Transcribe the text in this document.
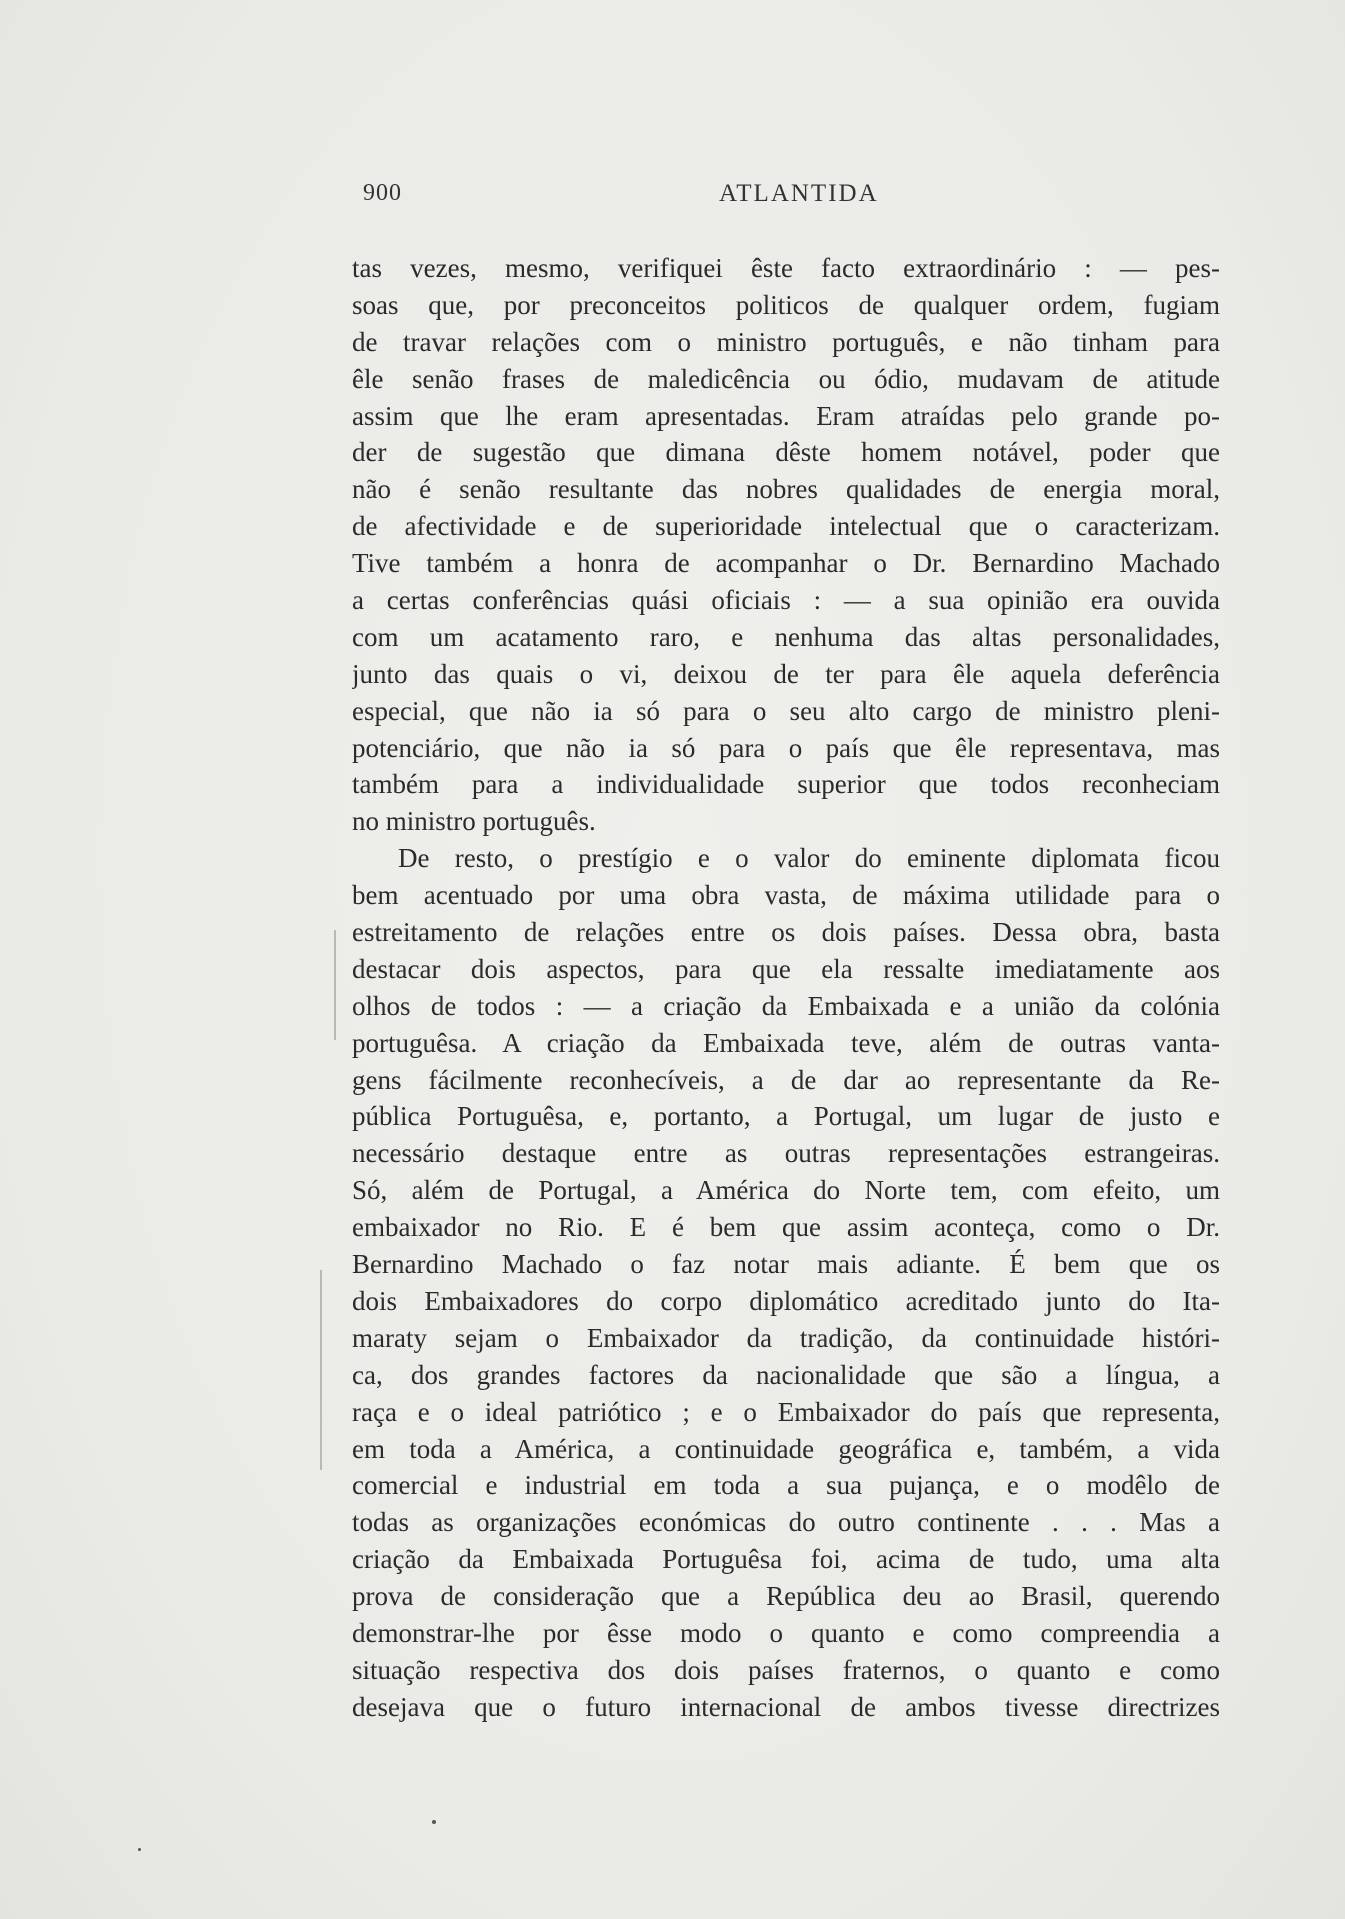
900	ATLANTIDA
tas vezes, mesmo, verifiquei êste facto extraordinário : — pes-
soas que, por preconceitos politicos de qualquer ordem, fugiam
de travar relações com o ministro português, e não tinham para
êle senão frases de maledicência ou ódio, mudavam de atitude
assim que lhe eram apresentadas. Eram atraídas pelo grande po-
der de sugestão que dimana dêste homem notável, poder que
não é senão resultante das nobres qualidades de energia moral,
de afectividade e de superioridade intelectual que o caracterizam.
Tive também a honra de acompanhar o Dr. Bernardino Machado
a certas conferências quási oficiais : — a sua opinião era ouvida
com um acatamento raro, e nenhuma das altas personalidades,
junto das quais o vi, deixou de ter para êle aquela deferência
especial, que não ia só para o seu alto cargo de ministro pleni-
potenciário, que não ia só para o país que êle representava, mas
também para a individualidade superior que todos reconheciam
no ministro português.
De resto, o prestígio e o valor do eminente diplomata ficou
bem acentuado por uma obra vasta, de máxima utilidade para o
estreitamento de relações entre os dois países. Dessa obra, basta
destacar dois aspectos, para que ela ressalte imediatamente aos
olhos de todos : — a criação da Embaixada e a união da colónia
portuguêsa. A criação da Embaixada teve, além de outras vanta-
gens fácilmente reconhecíveis, a de dar ao representante da Re-
pública Portuguêsa, e, portanto, a Portugal, um lugar de justo e
necessário destaque entre as outras representações estrangeiras.
Só, além de Portugal, a América do Norte tem, com efeito, um
embaixador no Rio. E é bem que assim aconteça, como o Dr.
Bernardino Machado o faz notar mais adiante. É bem que os
dois Embaixadores do corpo diplomático acreditado junto do Ita-
maraty sejam o Embaixador da tradição, da continuidade históri-
ca, dos grandes factores da nacionalidade que são a língua, a
raça e o ideal patriótico ; e o Embaixador do país que representa,
em toda a América, a continuidade geográfica e, também, a vida
comercial e industrial em toda a sua pujança, e o modêlo de
todas as organizações económicas do outro continente . . . Mas a
criação da Embaixada Portuguêsa foi, acima de tudo, uma alta
prova de consideração que a República deu ao Brasil, querendo
demonstrar-lhe por êsse modo o quanto e como compreendia a
situação respectiva dos dois países fraternos, o quanto e como
desejava que o futuro internacional de ambos tivesse directrizes
